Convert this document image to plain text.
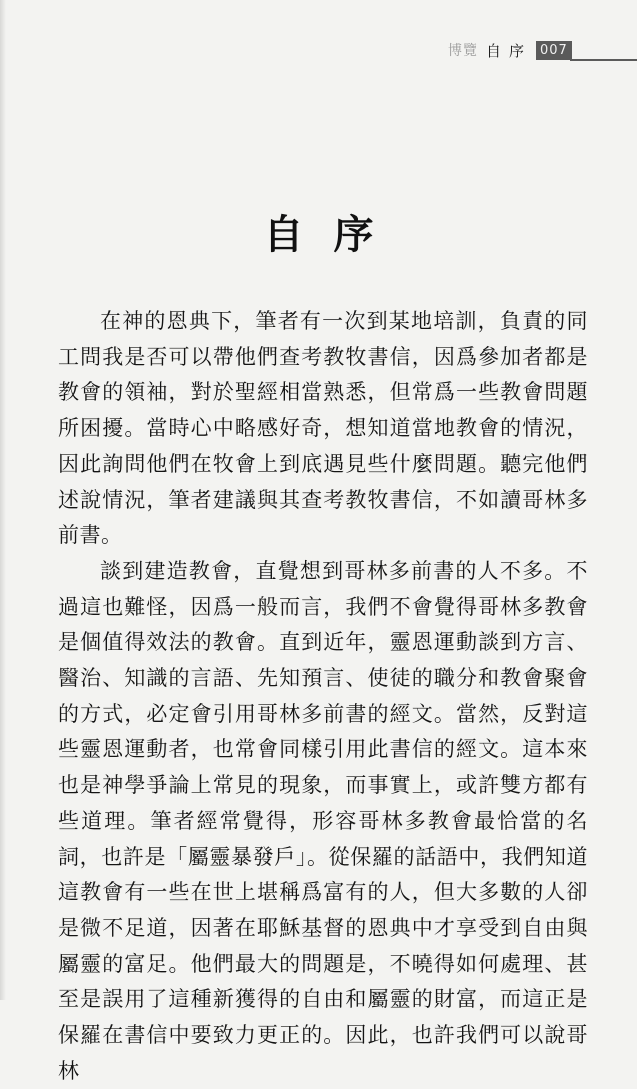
博覽 自序 007
自序

在神的恩典下，筆者有一次到某地培訓，負責的同工問我是否可以帶他們查考教牧書信，因爲參加者都是教會的領袖，對於聖經相當熟悉，但常爲一些教會問題所困擾。當時心中略感好奇，想知道當地教會的情況，因此詢問他們在牧會上到底遇見些什麼問題。聽完他們述說情況，筆者建議與其查考教牧書信，不如讀哥林多前書。

談到建造教會，直覺想到哥林多前書的人不多。不過這也難怪，因爲一般而言，我們不會覺得哥林多教會是個值得效法的教會。直到近年，靈恩運動談到方言、醫治、知識的言語、先知預言、使徒的職分和教會聚會的方式，必定會引用哥林多前書的經文。當然，反對這些靈恩運動者，也常會同樣引用此書信的經文。這本來也是神學爭論上常見的現象，而事實上，或許雙方都有些道理。筆者經常覺得，形容哥林多教會最恰當的名詞，也許是「屬靈暴發戶」。從保羅的話語中，我們知道這教會有一些在世上堪稱爲富有的人，但大多數的人卻是微不足道，因著在耶穌基督的恩典中才享受到自由與屬靈的富足。他們最大的問題是，不曉得如何處理、甚至是誤用了這種新獲得的自由和屬靈的財富，而這正是保羅在書信中要致力更正的。因此，也許我們可以說哥林
